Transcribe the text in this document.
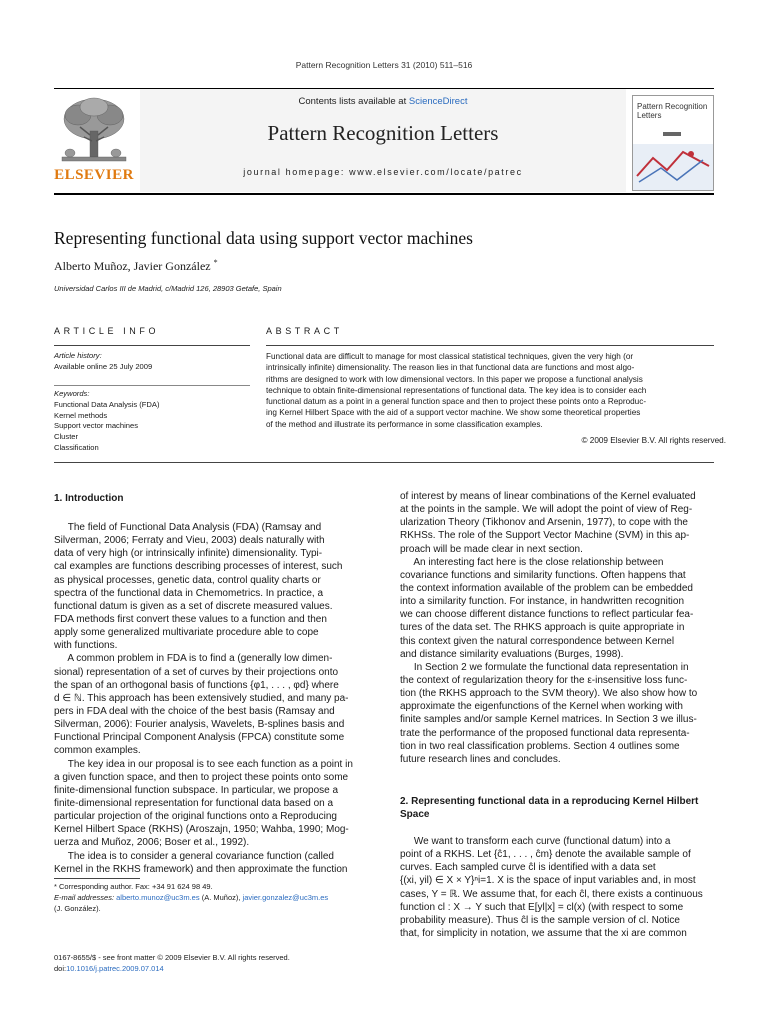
Pattern Recognition Letters 31 (2010) 511–516
ELSEVIER
Contents lists available at ScienceDirect
Pattern Recognition Letters
journal homepage: www.elsevier.com/locate/patrec
Pattern Recognition Letters
Representing functional data using support vector machines
Alberto Muñoz, Javier González *
Universidad Carlos III de Madrid, c/Madrid 126, 28903 Getafe, Spain
ARTICLE INFO	ABSTRACT
Article history:
Available online 25 July 2009
Keywords:
Functional Data Analysis (FDA)
Kernel methods
Support vector machines
Cluster
Classification
Functional data are difficult to manage for most classical statistical techniques, given the very high (or
intrinsically infinite) dimensionality. The reason lies in that functional data are functions and most algo-
rithms are designed to work with low dimensional vectors. In this paper we propose a functional analysis
technique to obtain finite-dimensional representations of functional data. The key idea is to consider each
functional datum as a point in a general function space and then to project these points onto a Reproduc-
ing Kernel Hilbert Space with the aid of a support vector machine. We show some theoretical properties
of the method and illustrate its performance in some classification examples.
© 2009 Elsevier B.V. All rights reserved.
1. Introduction
The field of Functional Data Analysis (FDA) (Ramsay and
Silverman, 2006; Ferraty and Vieu, 2003) deals naturally with
data of very high (or intrinsically infinite) dimensionality. Typi-
cal examples are functions describing processes of interest, such
as physical processes, genetic data, control quality charts or
spectra of the functional data in Chemometrics. In practice, a
functional datum is given as a set of discrete measured values.
FDA methods first convert these values to a function and then
apply some generalized multivariate procedure able to cope
with functions.
A common problem in FDA is to find a (generally low dimen-
sional) representation of a set of curves by their projections onto
the span of an orthogonal basis of functions {φ1, . . . , φd} where
d ∈ ℕ. This approach has been extensively studied, and many pa-
pers in FDA deal with the choice of the best basis (Ramsay and
Silverman, 2006): Fourier analysis, Wavelets, B-splines basis and
Functional Principal Component Analysis (FPCA) constitute some
common examples.
The key idea in our proposal is to see each function as a point in
a given function space, and then to project these points onto some
finite-dimensional function subspace. In particular, we propose a
finite-dimensional representation for functional data based on a
particular projection of the original functions onto a Reproducing
Kernel Hilbert Space (RKHS) (Aroszajn, 1950; Wahba, 1990; Mog-
uerza and Muñoz, 2006; Boser et al., 1992).
The idea is to consider a general covariance function (called
Kernel in the RKHS framework) and then approximate the function
of interest by means of linear combinations of the Kernel evaluated
at the points in the sample. We will adopt the point of view of Reg-
ularization Theory (Tikhonov and Arsenin, 1977), to cope with the
RKHSs. The role of the Support Vector Machine (SVM) in this ap-
proach will be made clear in next section.
An interesting fact here is the close relationship between
covariance functions and similarity functions. Often happens that
the context information available of the problem can be embedded
into a similarity function. For instance, in handwritten recognition
we can choose different distance functions to reflect particular fea-
tures of the data set. The RHKS approach is quite appropriate in
this context given the natural correspondence between Kernel
and distance similarity evaluations (Burges, 1998).
In Section 2 we formulate the functional data representation in
the context of regularization theory for the ε-insensitive loss func-
tion (the RKHS approach to the SVM theory). We also show how to
approximate the eigenfunctions of the Kernel when working with
finite samples and/or sample Kernel matrices. In Section 3 we illus-
trate the performance of the proposed functional data representa-
tion in two real classification problems. Section 4 outlines some
future research lines and concludes.
2. Representing functional data in a reproducing Kernel Hilbert
Space
We want to transform each curve (functional datum) into a
point of a RKHS. Let {ĉ1, . . . , ĉm} denote the available sample of
curves. Each sampled curve ĉl is identified with a data set
{(xi, yil) ∈ X × Y}ⁿi=1. X is the space of input variables and, in most
cases, Y = ℝ. We assume that, for each ĉl, there exists a continuous
function cl : X → Y such that E[yl|x] = cl(x) (with respect to some
probability measure). Thus ĉl is the sample version of cl. Notice
that, for simplicity in notation, we assume that the xi are common
* Corresponding author. Fax: +34 91 624 98 49.
E-mail addresses: alberto.munoz@uc3m.es (A. Muñoz), javier.gonzalez@uc3m.es
(J. González).
0167-8655/$ - see front matter © 2009 Elsevier B.V. All rights reserved.
doi:10.1016/j.patrec.2009.07.014
